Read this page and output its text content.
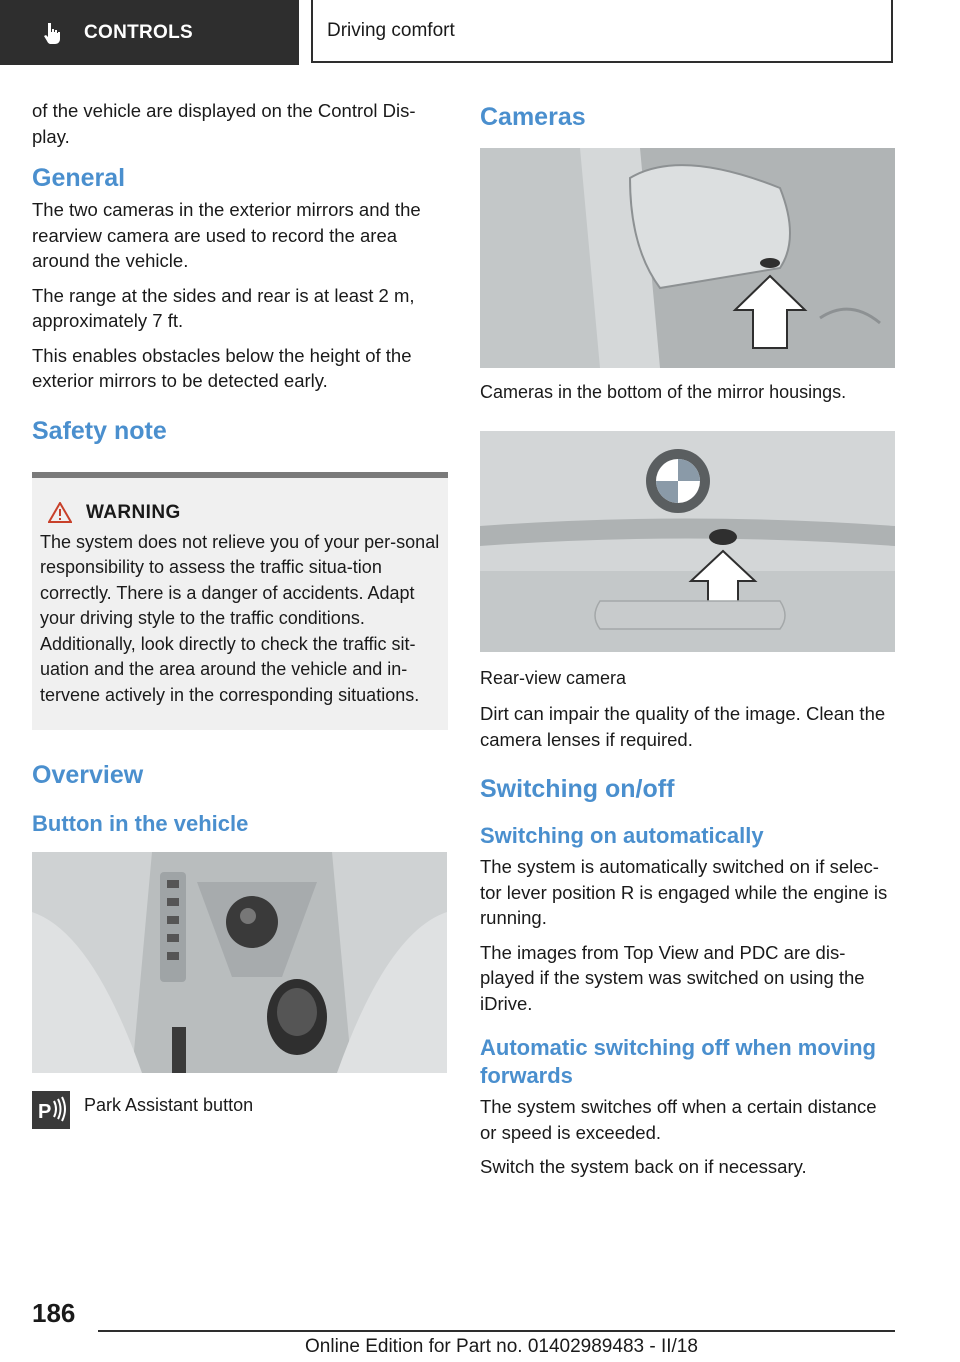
CONTROLS	Driving comfort

of the vehicle are displayed on the Control Dis‐play.

General

The two cameras in the exterior mirrors and the rearview camera are used to record the area around the vehicle.

The range at the sides and rear is at least 2 m, approximately 7 ft.

This enables obstacles below the height of the exterior mirrors to be detected early.

Safety note
WARNING

The system does not relieve you of your per‐sonal responsibility to assess the traffic situa‐tion correctly. There is a danger of accidents. Adapt your driving style to the traffic conditions. Additionally, look directly to check the traffic sit‐uation and the area around the vehicle and in‐tervene actively in the corresponding situations.

Overview
Button in the vehicle
P Park Assistant button
Cameras

Cameras in the bottom of the mirror housings.

Rear-view camera

Dirt can impair the quality of the image. Clean the camera lenses if required.

Switching on/off
Switching on automatically

The system is automatically switched on if selec‐tor lever position R is engaged while the engine is running.

The images from Top View and PDC are dis‐played if the system was switched on using the iDrive.

Automatic switching off when moving forwards

The system switches off when a certain distance or speed is exceeded.

Switch the system back on if necessary.

186
Online Edition for Part no. 01402989483 - II/18
